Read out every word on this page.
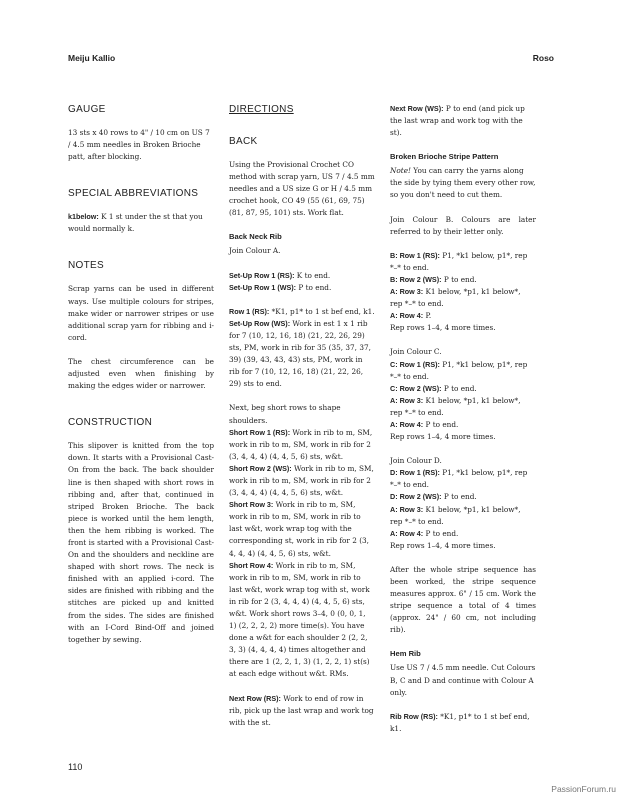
Meiju Kallio	Roso
GAUGE

13 sts x 40 rows to 4" / 10 cm on US 7 / 4.5 mm needles in Broken Brioche patt, after blocking.

SPECIAL ABBREVIATIONS

k1below: K 1 st under the st that you would normally k.

NOTES

Scrap yarns can be used in different ways. Use multiple colours for stripes, make wider or narrower stripes or use additional scrap yarn for ribbing and i-cord.

The chest circumference can be adjusted even when finishing by making the edges wider or narrower.

CONSTRUCTION

This slipover is knitted from the top down. It starts with a Provisional Cast-On from the back. The back shoulder line is then shaped with short rows in ribbing and, after that, continued in striped Broken Brioche. The back piece is worked until the hem length, then the hem ribbing is worked. The front is started with a Provisional Cast-On and the shoulders and neckline are shaped with short rows. The neck is finished with an applied i-cord. The sides are finished with ribbing and the stitches are picked up and knitted from the sides. The sides are finished with an I-Cord Bind-Off and joined together by sewing.

DIRECTIONS
BACK

Using the Provisional Crochet CO method with scrap yarn, US 7 / 4.5 mm needles and a US size G or H / 4.5 mm crochet hook, CO 49 (55 (61, 69, 75) (81, 87, 95, 101) sts. Work flat.

Back Neck Rib

Join Colour A.

Set-Up Row 1 (RS): K to end.
Set-Up Row 1 (WS): P to end.

Row 1 (RS): *K1, p1* to 1 st bef end, k1.
Set-Up Row (WS): Work in est 1 x 1 rib for 7 (10, 12, 16, 18) (21, 22, 26, 29) sts, PM, work in rib for 35 (35, 37, 37, 39) (39, 43, 43, 43) sts, PM, work in rib for 7 (10, 12, 16, 18) (21, 22, 26, 29) sts to end.

Next, beg short rows to shape shoulders.
Short Row 1 (RS): Work in rib to m, SM, work in rib to m, SM, work in rib for 2 (3, 4, 4, 4) (4, 4, 5, 6) sts, w&t.
Short Row 2 (WS): Work in rib to m, SM, work in rib to m, SM, work in rib for 2 (3, 4, 4, 4) (4, 4, 5, 6) sts, w&t.
Short Row 3: Work in rib to m, SM, work in rib to m, SM, work in rib to last w&t, work wrap tog with the corresponding st, work in rib for 2 (3, 4, 4, 4) (4, 4, 5, 6) sts, w&t.
Short Row 4: Work in rib to m, SM, work in rib to m, SM, work in rib to last w&t, work wrap tog with st, work in rib for 2 (3, 4, 4, 4) (4, 4, 5, 6) sts, w&t. Work short rows 3–4, 0 (0, 0, 1, 1) (2, 2, 2, 2) more time(s). You have done a w&t for each shoulder 2 (2, 2, 3, 3) (4, 4, 4, 4) times altogether and there are 1 (2, 2, 1, 3) (1, 2, 2, 1) st(s) at each edge without w&t. RMs.

Next Row (RS): Work to end of row in rib, pick up the last wrap and work tog with the st.

Next Row (WS): P to end (and pick up the last wrap and work tog with the st).

Broken Brioche Stripe Pattern

Note! You can carry the yarns along the side by tying them every other row, so you don't need to cut them.

Join Colour B. Colours are later referred to by their letter only.

B: Row 1 (RS): P1, *k1 below, p1*, rep
*–* to end.
B: Row 2 (WS): P to end.
A: Row 3: K1 below, *p1, k1 below*,
rep *–* to end.
A: Row 4: P.
Rep rows 1–4, 4 more times.

Join Colour C.
C: Row 1 (RS): P1, *k1 below, p1*, rep
*–* to end.
C: Row 2 (WS): P to end.
A: Row 3: K1 below, *p1, k1 below*,
rep *–* to end.
A: Row 4: P to end.
Rep rows 1–4, 4 more times.

Join Colour D.
D: Row 1 (RS): P1, *k1 below, p1*, rep
*–* to end.
D: Row 2 (WS): P to end.
A: Row 3: K1 below, *p1, k1 below*,
rep *–* to end.
A: Row 4: P to end.
Rep rows 1–4, 4 more times.

After the whole stripe sequence has been worked, the stripe sequence measures approx. 6" / 15 cm. Work the stripe sequence a total of 4 times (approx. 24" / 60 cm, not including rib).

Hem Rib

Use US 7 / 4.5 mm needle. Cut Colours B, C and D and continue with Colour A only.

Rib Row (RS): *K1, p1* to 1 st bef end, k1.

110
PassionForum.ru
